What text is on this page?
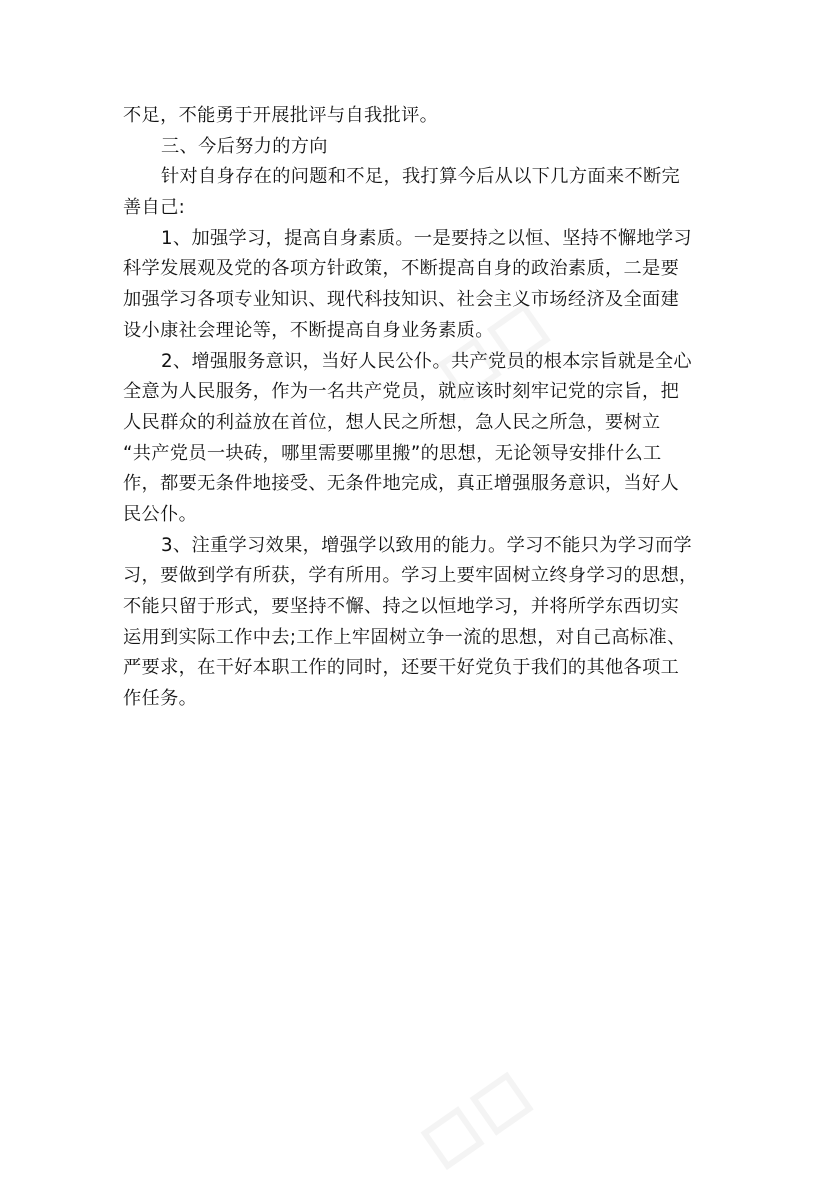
不足，不能勇于开展批评与自我批评。
三、今后努力的方向
针对自身存在的问题和不足，我打算今后从以下几方面来不断完
善自己:
1、加强学习，提高自身素质。一是要持之以恒、坚持不懈地学习
科学发展观及党的各项方针政策，不断提高自身的政治素质，二是要
加强学习各项专业知识、现代科技知识、社会主义市场经济及全面建
设小康社会理论等，不断提高自身业务素质。
2、增强服务意识，当好人民公仆。共产党员的根本宗旨就是全心
全意为人民服务，作为一名共产党员，就应该时刻牢记党的宗旨，把
人民群众的利益放在首位，想人民之所想，急人民之所急，要树立
“共产党员一块砖，哪里需要哪里搬”的思想，无论领导安排什么工
作，都要无条件地接受、无条件地完成，真正增强服务意识，当好人
民公仆。
3、注重学习效果，增强学以致用的能力。学习不能只为学习而学
习，要做到学有所获，学有所用。学习上要牢固树立终身学习的思想，
不能只留于形式，要坚持不懈、持之以恒地学习，并将所学东西切实
运用到实际工作中去;工作上牢固树立争一流的思想，对自己高标准、
严要求，在干好本职工作的同时，还要干好党负于我们的其他各项工
作任务。
